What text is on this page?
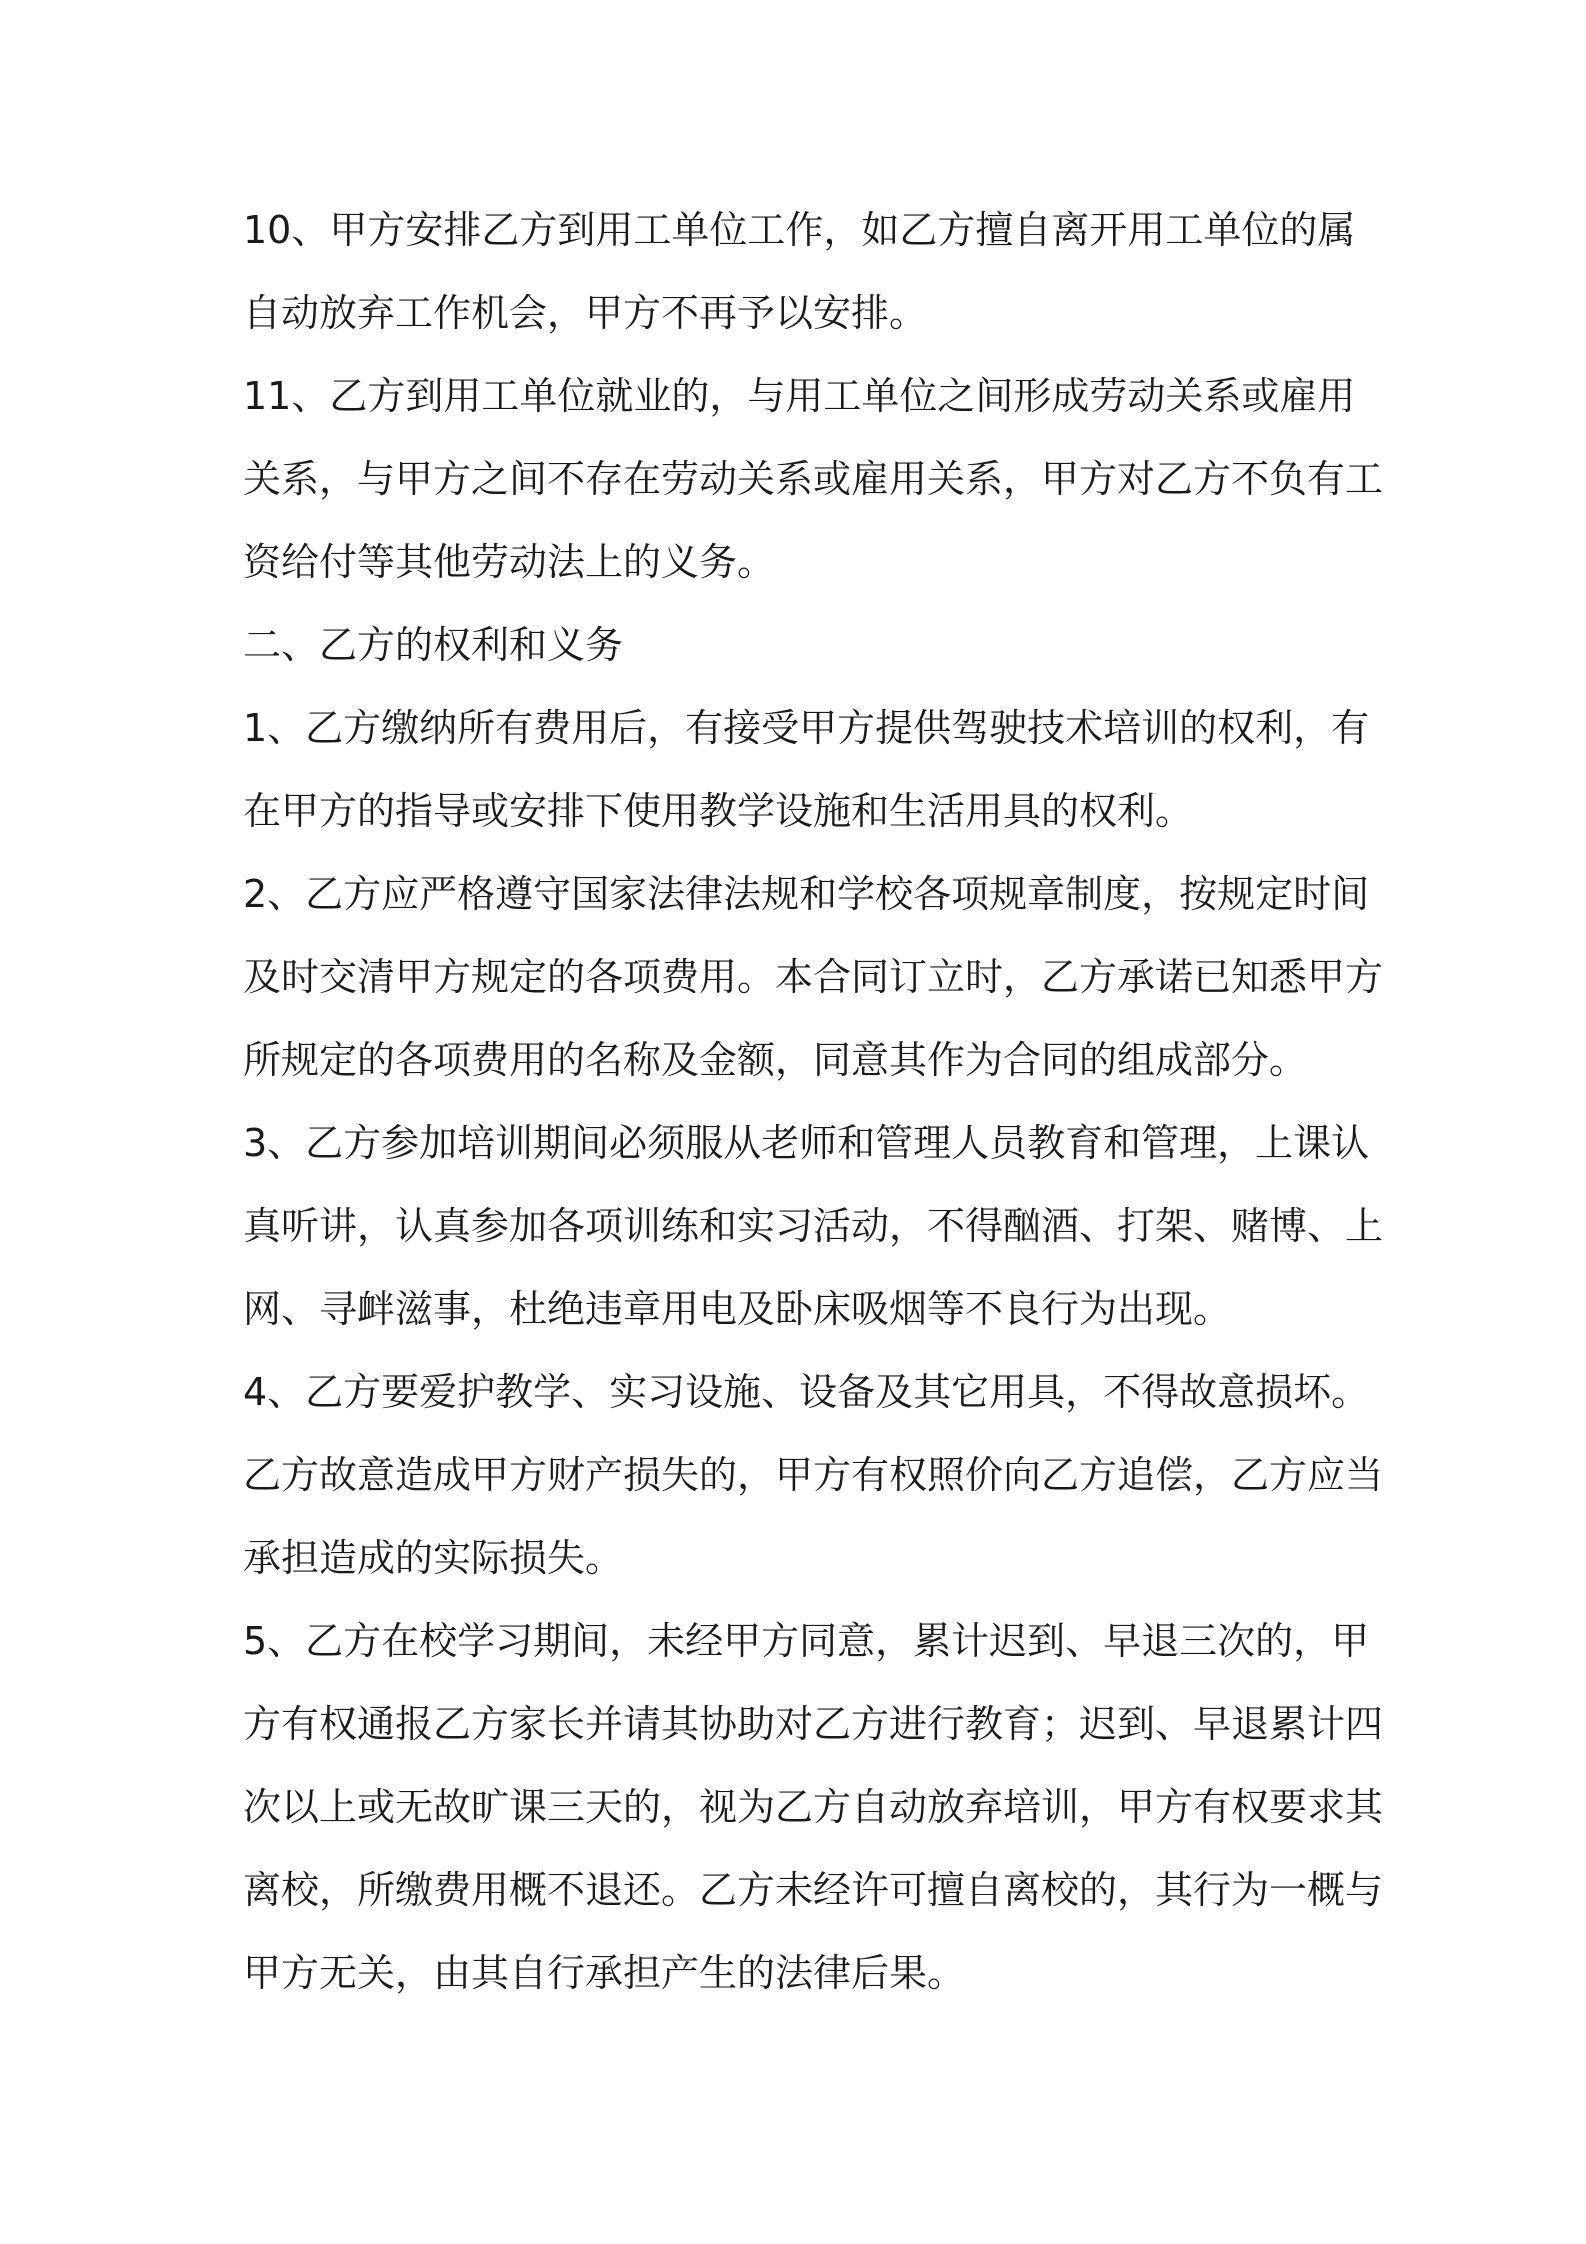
10、甲方安排乙方到用工单位工作，如乙方擅自离开用工单位的属
自动放弃工作机会，甲方不再予以安排。
11、乙方到用工单位就业的，与用工单位之间形成劳动关系或雇用
关系，与甲方之间不存在劳动关系或雇用关系，甲方对乙方不负有工
资给付等其他劳动法上的义务。
二、乙方的权利和义务
1、乙方缴纳所有费用后，有接受甲方提供驾驶技术培训的权利，有
在甲方的指导或安排下使用教学设施和生活用具的权利。
2、乙方应严格遵守国家法律法规和学校各项规章制度，按规定时间
及时交清甲方规定的各项费用。本合同订立时，乙方承诺已知悉甲方
所规定的各项费用的名称及金额，同意其作为合同的组成部分。
3、乙方参加培训期间必须服从老师和管理人员教育和管理，上课认
真听讲，认真参加各项训练和实习活动，不得酗酒、打架、赌博、上
网、寻衅滋事，杜绝违章用电及卧床吸烟等不良行为出现。
4、乙方要爱护教学、实习设施、设备及其它用具，不得故意损坏。
乙方故意造成甲方财产损失的，甲方有权照价向乙方追偿，乙方应当
承担造成的实际损失。
5、乙方在校学习期间，未经甲方同意，累计迟到、早退三次的，甲
方有权通报乙方家长并请其协助对乙方进行教育；迟到、早退累计四
次以上或无故旷课三天的，视为乙方自动放弃培训，甲方有权要求其
离校，所缴费用概不退还。乙方未经许可擅自离校的，其行为一概与
甲方无关，由其自行承担产生的法律后果。
